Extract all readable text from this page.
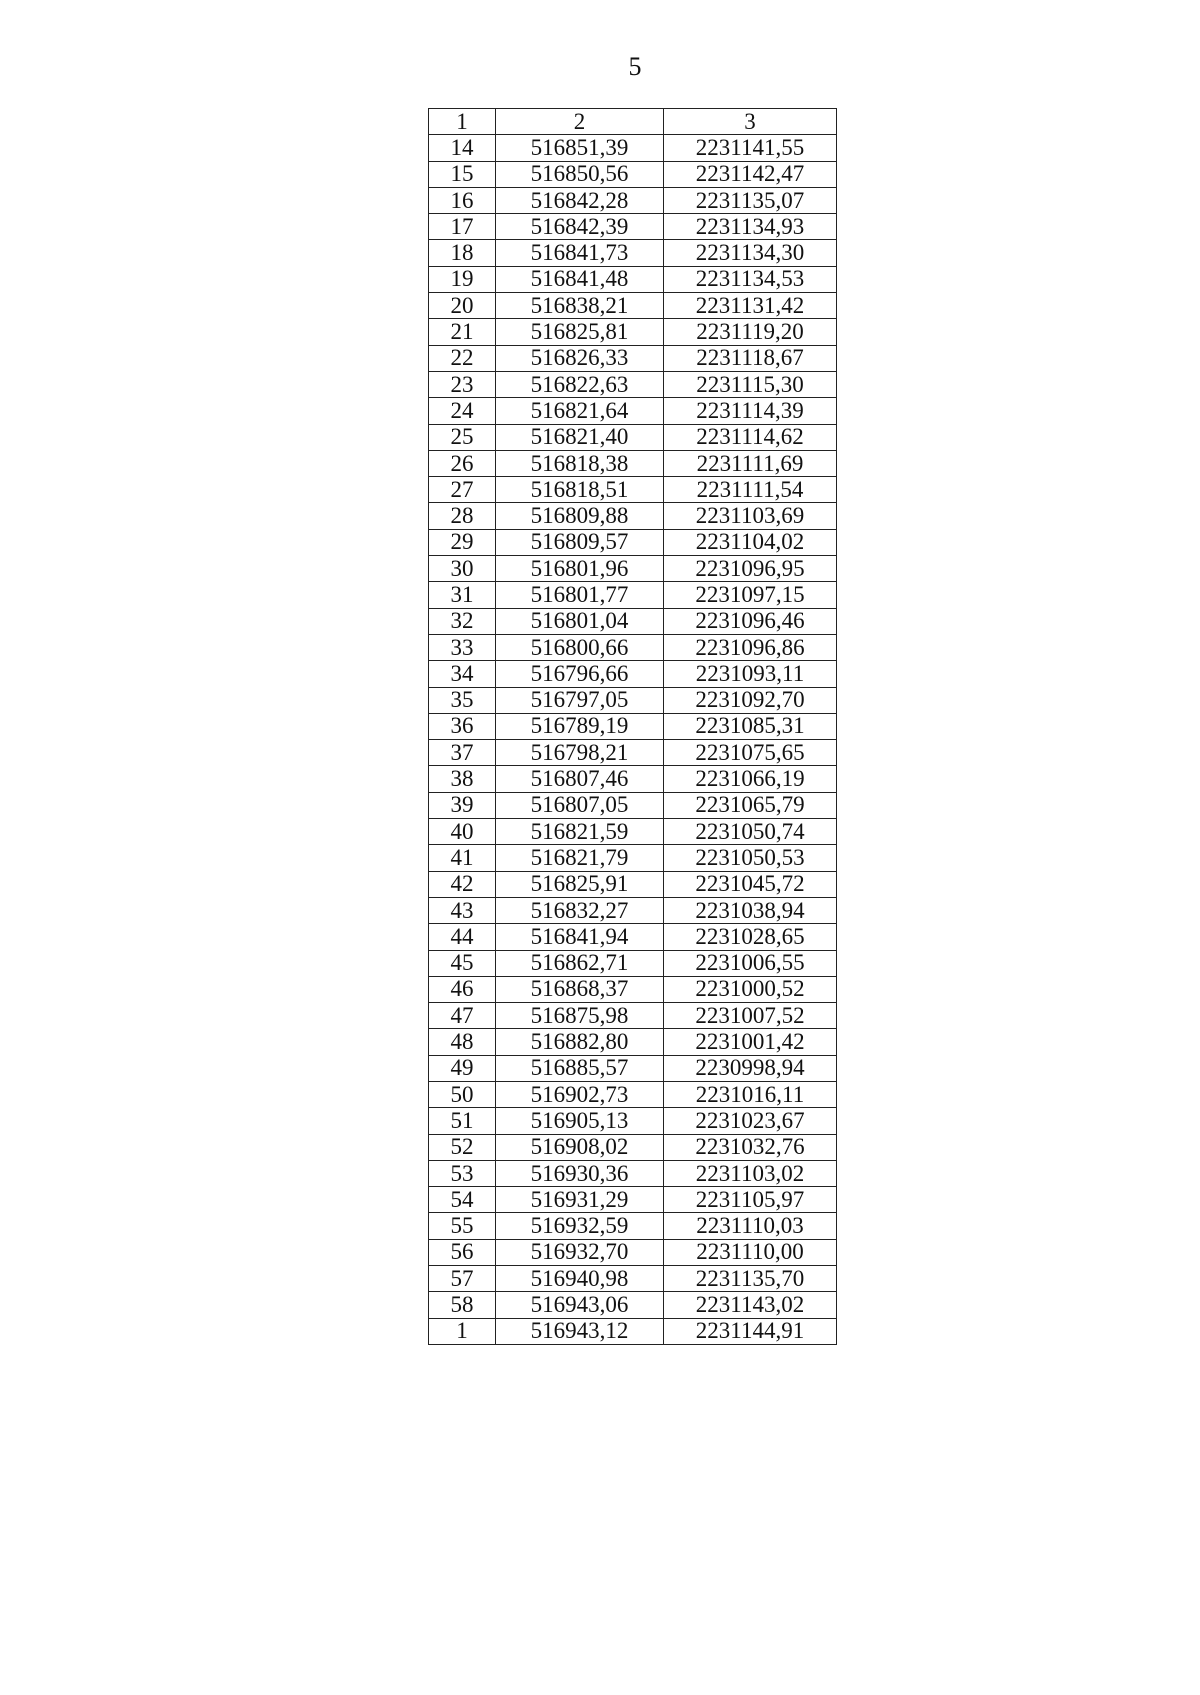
5
1	2	3
14	516851,39	2231141,55
15	516850,56	2231142,47
16	516842,28	2231135,07
17	516842,39	2231134,93
18	516841,73	2231134,30
19	516841,48	2231134,53
20	516838,21	2231131,42
21	516825,81	2231119,20
22	516826,33	2231118,67
23	516822,63	2231115,30
24	516821,64	2231114,39
25	516821,40	2231114,62
26	516818,38	2231111,69
27	516818,51	2231111,54
28	516809,88	2231103,69
29	516809,57	2231104,02
30	516801,96	2231096,95
31	516801,77	2231097,15
32	516801,04	2231096,46
33	516800,66	2231096,86
34	516796,66	2231093,11
35	516797,05	2231092,70
36	516789,19	2231085,31
37	516798,21	2231075,65
38	516807,46	2231066,19
39	516807,05	2231065,79
40	516821,59	2231050,74
41	516821,79	2231050,53
42	516825,91	2231045,72
43	516832,27	2231038,94
44	516841,94	2231028,65
45	516862,71	2231006,55
46	516868,37	2231000,52
47	516875,98	2231007,52
48	516882,80	2231001,42
49	516885,57	2230998,94
50	516902,73	2231016,11
51	516905,13	2231023,67
52	516908,02	2231032,76
53	516930,36	2231103,02
54	516931,29	2231105,97
55	516932,59	2231110,03
56	516932,70	2231110,00
57	516940,98	2231135,70
58	516943,06	2231143,02
1	516943,12	2231144,91
